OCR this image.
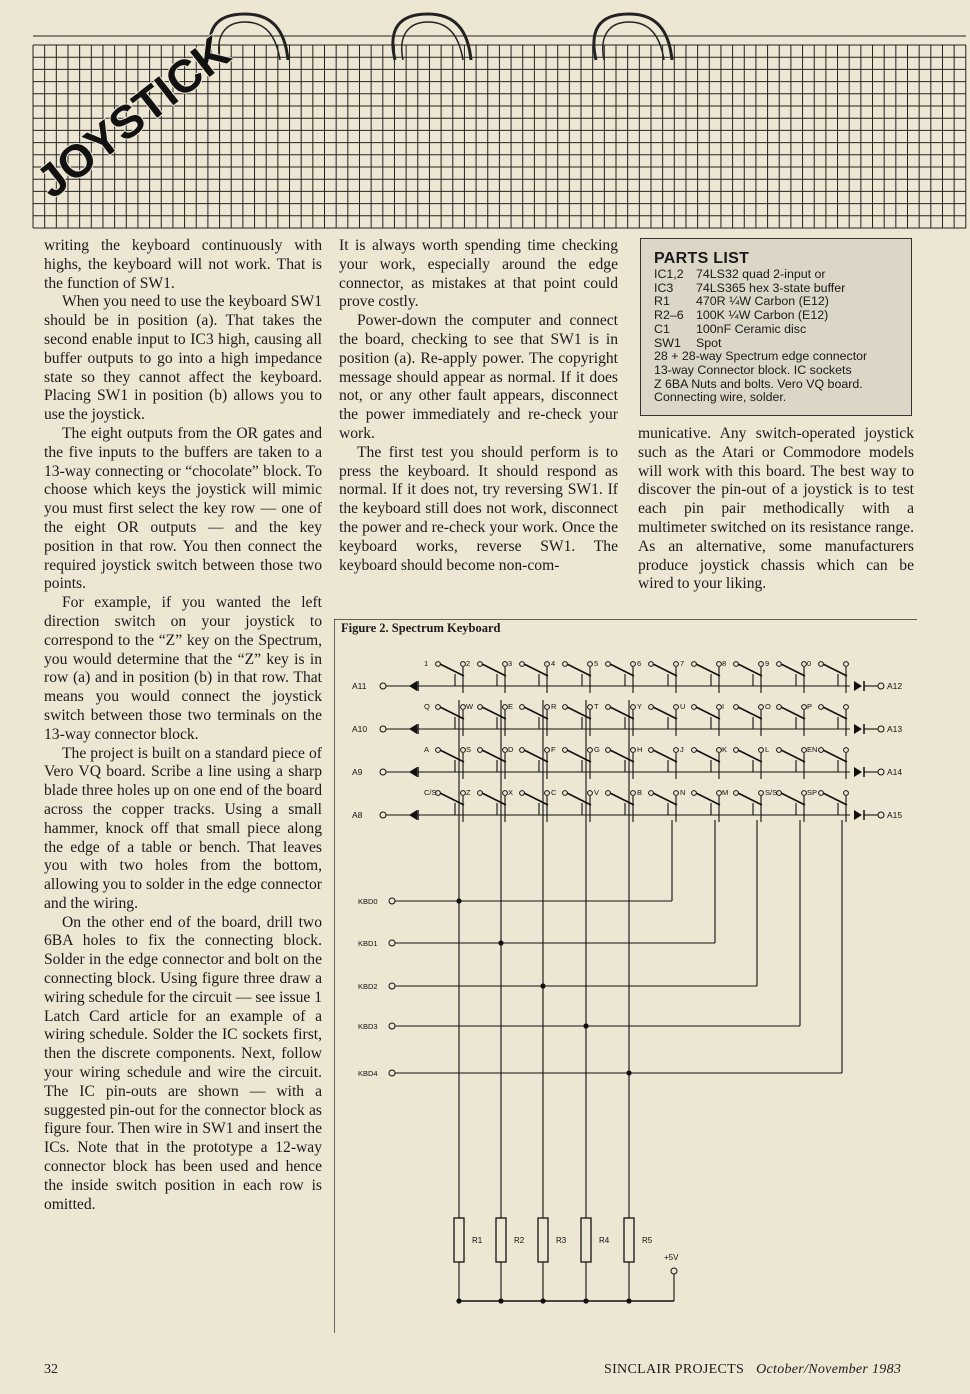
JOYSTICK

writing the keyboard continuously with highs, the keyboard will not work. That is the function of SW1.

When you need to use the keyboard SW1 should be in position (a). That takes the second enable input to IC3 high, causing all buffer outputs to go into a high impedance state so they cannot affect the keyboard. Placing SW1 in position (b) allows you to use the joystick.

The eight outputs from the OR gates and the five inputs to the buffers are taken to a 13-way connecting or “chocolate” block. To choose which keys the joystick will mimic you must first select the key row — one of the eight OR outputs — and the key position in that row. You then connect the required joystick switch between those two points.

For example, if you wanted the left direction switch on your joystick to correspond to the “Z” key on the Spectrum, you would determine that the “Z” key is in row (a) and in position (b) in that row. That means you would connect the joystick switch between those two terminals on the 13-way connector block.

The project is built on a standard piece of Vero VQ board. Scribe a line using a sharp blade three holes up on one end of the board across the copper tracks. Using a small hammer, knock off that small piece along the edge of a table or bench. That leaves you with two holes from the bottom, allowing you to solder in the edge connector and the wiring.

On the other end of the board, drill two 6BA holes to fix the connecting block. Solder in the edge connector and bolt on the connecting block. Using figure three draw a wiring schedule for the circuit — see issue 1 Latch Card article for an example of a wiring schedule. Solder the IC sockets first, then the discrete components. Next, follow your wiring schedule and wire the circuit. The IC pin-outs are shown — with a suggested pin-out for the connector block as figure four. Then wire in SW1 and insert the ICs. Note that in the prototype a 12-way connector block has been used and hence the inside switch position in each row is omitted.

It is always worth spending time checking your work, especially around the edge connector, as mistakes at that point could prove costly.

Power-down the computer and connect the board, checking to see that SW1 is in position (a). Re-apply power. The copyright message should appear as normal. If it does not, or any other fault appears, disconnect the power immediately and re-check your work.

The first test you should perform is to press the keyboard. It should respond as normal. If it does not, try reversing SW1. If the keyboard still does not work, disconnect the power and re-check your work. Once the keyboard works, reverse SW1. The keyboard should become non-com-

PARTS LIST
IC1,2 74LS32 quad 2-input or
IC3 74LS365 hex 3-state buffer
R1 470R ¼W Carbon (E12)
R2–6 100K ¼W Carbon (E12)
C1 100nF Ceramic disc
SW1 Spot
28 + 28-way Spectrum edge connector
13-way Connector block. IC sockets
Z 6BA Nuts and bolts. Vero VQ board.
Connecting wire, solder.

municative. Any switch-operated joystick such as the Atari or Commodore models will work with this board. The best way to discover the pin-out of a joystick is to test each pin pair methodically with a multimeter switched on its resistance range. As an alternative, some manufacturers produce joystick chassis which can be wired to your liking.

Figure 2. Spectrum Keyboard
A11
A10
A9
A8
A12
A13
A14
A15
1	2	3	4	5
Q	W	E	R	T
A	S	D	F	G
C/S	Z	X	C	V
6	7	8	9	0
Y	U	I	O	P
H	J	K	L	EN
B	N	M	S/S	SP
KBD0
KBD1
KBD2
KBD3
KBD4
R1	R2	R3	R4	R5
+5V
32	SINCLAIR PROJECTS October/November 1983
